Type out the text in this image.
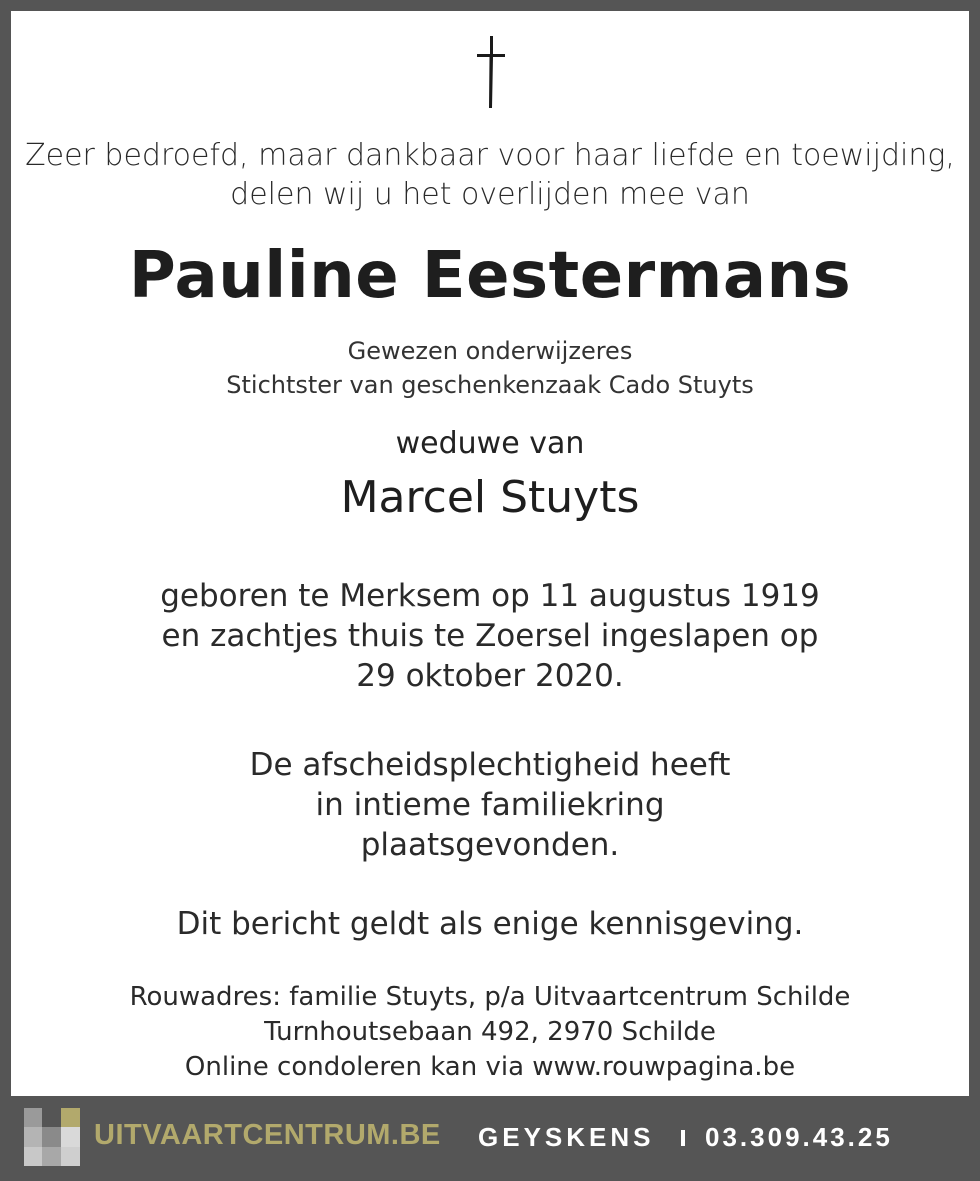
Zeer bedroefd, maar dankbaar voor haar liefde en toewijding,
delen wij u het overlijden mee van
Pauline Eestermans
Gewezen onderwijzeres
Stichtster van geschenkenzaak Cado Stuyts
weduwe van
Marcel Stuyts
geboren te Merksem op 11 augustus 1919
en zachtjes thuis te Zoersel ingeslapen op
29 oktober 2020.
De afscheidsplechtigheid heeft
in intieme familiekring
plaatsgevonden.
Dit bericht geldt als enige kennisgeving.
Rouwadres: familie Stuyts, p/a Uitvaartcentrum Schilde
Turnhoutsebaan 492, 2970 Schilde
Online condoleren kan via www.rouwpagina.be
UITVAARTCENTRUM.BE GEYSKENS 03.309.43.25
